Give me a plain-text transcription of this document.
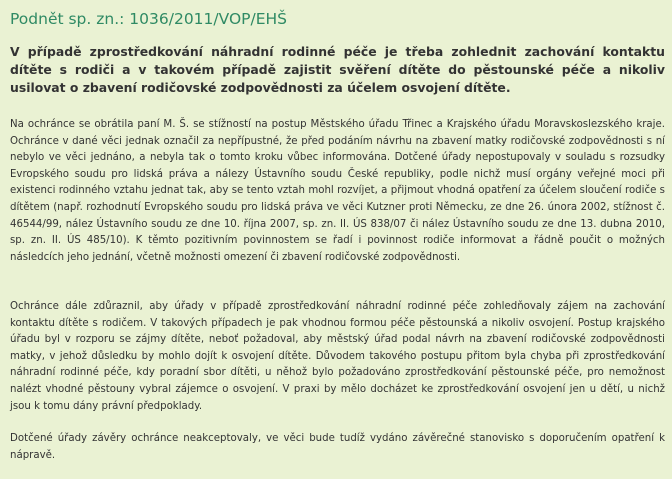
Podnět sp. zn.: 1036/2011/VOP/EHŠ

V případě zprostředkování náhradní rodinné péče je třeba zohlednit zachování kontaktu dítěte s rodiči a v takovém případě zajistit svěření dítěte do pěstounské péče a nikoliv usilovat o zbavení rodičovské zodpovědnosti za účelem osvojení dítěte.

Na ochránce se obrátila paní M. Š. se stížností na postup Městského úřadu Třinec a Krajského úřadu Moravskoslezského kraje. Ochránce v dané věci jednak označil za nepřípustné, že před podáním návrhu na zbavení matky rodičovské zodpovědnosti s ní nebylo ve věci jednáno, a nebyla tak o tomto kroku vůbec informována. Dotčené úřady nepostupovaly v souladu s rozsudky Evropského soudu pro lidská práva a nálezy Ústavního soudu České republiky, podle nichž musí orgány veřejné moci při existenci rodinného vztahu jednat tak, aby se tento vztah mohl rozvíjet, a přijmout vhodná opatření za účelem sloučení rodiče s dítětem (např. rozhodnutí Evropského soudu pro lidská práva ve věci Kutzner proti Německu, ze dne 26. února 2002, stížnost č. 46544/99, nález Ústavního soudu ze dne 10. října 2007, sp. zn. II. ÚS 838/07 či nález Ústavního soudu ze dne 13. dubna 2010, sp. zn. II. ÚS 485/10). K těmto pozitivním povinnostem se řadí i povinnost rodiče informovat a řádně poučit o možných následcích jeho jednání, včetně možnosti omezení či zbavení rodičovské zodpovědnosti.

Ochránce dále zdůraznil, aby úřady v případě zprostředkování náhradní rodinné péče zohledňovaly zájem na zachování kontaktu dítěte s rodičem. V takových případech je pak vhodnou formou péče pěstounská a nikoliv osvojení. Postup krajského úřadu byl v rozporu se zájmy dítěte, neboť požadoval, aby městský úřad podal návrh na zbavení rodičovské zodpovědnosti matky, v jehož důsledku by mohlo dojít k osvojení dítěte. Důvodem takového postupu přitom byla chyba při zprostředkování náhradní rodinné péče, kdy poradní sbor dítěti, u něhož bylo požadováno zprostředkování pěstounské péče, pro nemožnost nalézt vhodné pěstouny vybral zájemce o osvojení. V praxi by mělo docházet ke zprostředkování osvojení jen u dětí, u nichž jsou k tomu dány právní předpoklady.

Dotčené úřady závěry ochránce neakceptovaly, ve věci bude tudíž vydáno závěrečné stanovisko s doporučením opatření k nápravě.
